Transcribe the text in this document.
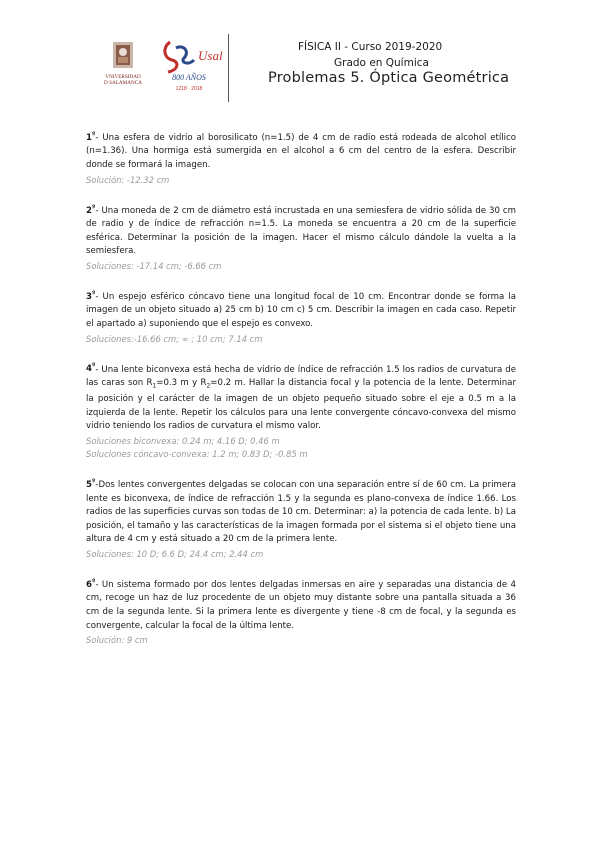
VNIVERSIDAD
D SALAMANCA
Usal
800 AÑOS
1218 · 2018
FÍSICA II - Curso 2019-2020
Grado en Química
Problemas 5. Óptica Geométrica

$1^º-$ Una esfera de vidrio al borosilicato (n=1.5) de 4 cm de radio está rodeada de alcohol etílico (n=1.36). Una hormiga está sumergida en el alcohol a 6 cm del centro de la esfera. Describir donde se formará la imagen.

Solución: -12.32 cm

$2^º-$ Una moneda de 2 cm de diámetro está incrustada en una semiesfera de vidrio sólida de 30 cm de radio y de índice de refracción n=1.5. La moneda se encuentra a 20 cm de la superficie esférica. Determinar la posición de la imagen. Hacer el mismo cálculo dándole la vuelta a la semiesfera.

Soluciones: -17.14 cm; -6.66 cm

$3^º-$ Un espejo esférico cóncavo tiene una longitud focal de 10 cm. Encontrar donde se forma la imagen de un objeto situado a) 25 cm b) 10 cm c) 5 cm. Describir la imagen en cada caso. Repetir el apartado a) suponiendo que el espejo es convexo.

Soluciones:-16.66 cm; ∞ ; 10 cm; 7.14 cm

$4^º-$ Una lente biconvexa está hecha de vidrio de índice de refracción 1.5 los radios de curvatura de las caras son $R_1=0.3$ m y $R_2=0.2$ m. Hallar la distancia focal y la potencia de la lente. Determinar la posición y el carácter de la imagen de un objeto pequeño situado sobre el eje a 0.5 m a la izquierda de la lente. Repetir los cálculos para una lente convergente cóncavo-convexa del mismo vidrio teniendo los radios de curvatura el mismo valor.

Soluciones biconvexa: 0.24 m; 4.16 D; 0.46 m

Soluciones cóncavo-convexa: 1.2 m; 0.83 D; -0.85 m

$5^º$-Dos lentes convergentes delgadas se colocan con una separación entre sí de 60 cm. La primera lente es biconvexa, de índice de refracción 1.5 y la segunda es plano-convexa de índice 1.66. Los radios de las superficies curvas son todas de 10 cm. Determinar: a) la potencia de cada lente. b) La posición, el tamaño y las características de la imagen formada por el sistema si el objeto tiene una altura de 4 cm y está situado a 20 cm de la primera lente.

Soluciones: 10 D; 6.6 D; 24.4 cm; 2.44 cm

$6^º-$ Un sistema formado por dos lentes delgadas inmersas en aire y separadas una distancia de 4 cm, recoge un haz de luz procedente de un objeto muy distante sobre una pantalla situada a 36 cm de la segunda lente. Si la primera lente es divergente y tiene -8 cm de focal, y la segunda es convergente, calcular la focal de la última lente.

Solución: 9 cm
